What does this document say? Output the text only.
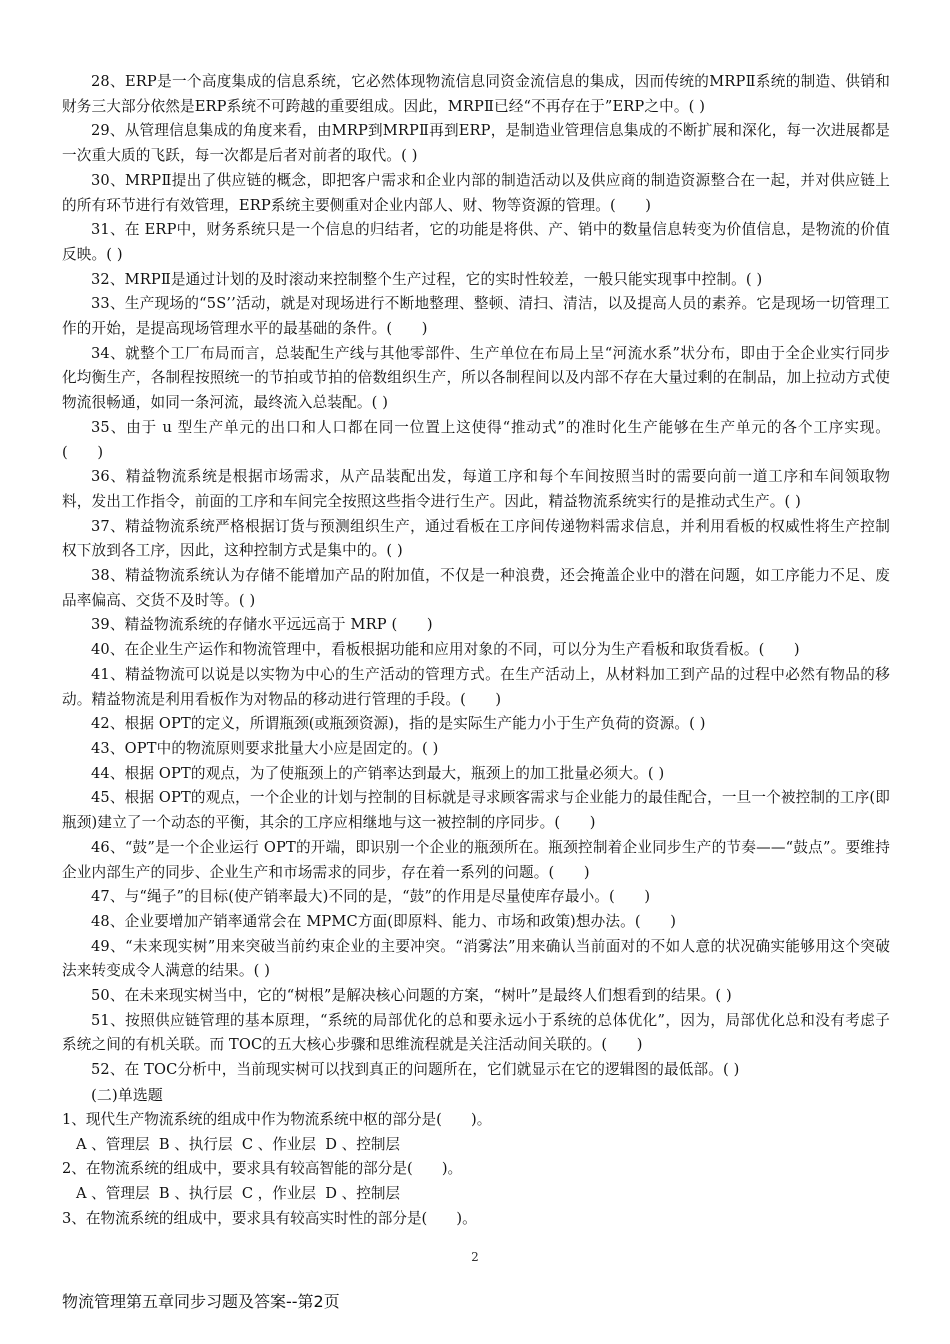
28、ERP是一个高度集成的信息系统，它必然体现物流信息同资金流信息的集成，因而传统的MRPⅡ系统的制造、供销和财务三大部分依然是ERP系统不可跨越的重要组成。因此，MRPⅡ已经“不再存在于”ERP之中。( )

29、从管理信息集成的角度来看，由MRP到MRPⅡ再到ERP，是制造业管理信息集成的不断扩展和深化，每一次进展都是一次重大质的飞跃，每一次都是后者对前者的取代。( )

30、MRPⅡ提出了供应链的概念，即把客户需求和企业内部的制造活动以及供应商的制造资源整合在一起，并对供应链上的所有环节进行有效管理，ERP系统主要侧重对企业内部人、财、物等资源的管理。(　　)

31、在 ERP中，财务系统只是一个信息的归结者，它的功能是将供、产、销中的数量信息转变为价值信息，是物流的价值反映。( )

32、MRPⅡ是通过计划的及时滚动来控制整个生产过程，它的实时性较差，一般只能实现事中控制。( )

33、生产现场的“5S’’活动，就是对现场进行不断地整理、整顿、清扫、清洁，以及提高人员的素养。它是现场一切管理工作的开始，是提高现场管理水平的最基础的条件。(　　)

34、就整个工厂布局而言，总装配生产线与其他零部件、生产单位在布局上呈“河流水系”状分布，即由于全企业实行同步化均衡生产，各制程按照统一的节拍或节拍的倍数组织生产，所以各制程间以及内部不存在大量过剩的在制品，加上拉动方式使物流很畅通，如同一条河流，最终流入总装配。( )

35、由于 u 型生产单元的出口和人口都在同一位置上这使得“推动式”的准时化生产能够在生产单元的各个工序实现。(　　)

36、精益物流系统是根据市场需求，从产品装配出发，每道工序和每个车间按照当时的需要向前一道工序和车间领取物料，发出工作指令，前面的工序和车间完全按照这些指令进行生产。因此，精益物流系统实行的是推动式生产。( )

37、精益物流系统严格根据订货与预测组织生产，通过看板在工序间传递物料需求信息，并利用看板的权威性将生产控制权下放到各工序，因此，这种控制方式是集中的。( )

38、精益物流系统认为存储不能增加产品的附加值，不仅是一种浪费，还会掩盖企业中的潜在问题，如工序能力不足、废品率偏高、交货不及时等。( )

39、精益物流系统的存储水平远远高于 MRP (　　)

40、在企业生产运作和物流管理中，看板根据功能和应用对象的不同，可以分为生产看板和取货看板。(　　)

41、精益物流可以说是以实物为中心的生产活动的管理方式。在生产活动上，从材料加工到产品的过程中必然有物品的移动。精益物流是利用看板作为对物品的移动进行管理的手段。(　　)

42、根据 OPT的定义，所谓瓶颈(或瓶颈资源)，指的是实际生产能力小于生产负荷的资源。( )

43、OPT中的物流原则要求批量大小应是固定的。( )

44、根据 OPT的观点，为了使瓶颈上的产销率达到最大，瓶颈上的加工批量必须大。( )

45、根据 OPT的观点，一个企业的计划与控制的目标就是寻求顾客需求与企业能力的最佳配合，一旦一个被控制的工序(即瓶颈)建立了一个动态的平衡，其余的工序应相继地与这一被控制的序同步。(　　)

46、“鼓”是一个企业运行 OPT的开端，即识别一个企业的瓶颈所在。瓶颈控制着企业同步生产的节奏——“鼓点”。要维持企业内部生产的同步、企业生产和市场需求的同步，存在着一系列的问题。(　　)

47、与“绳子”的目标(使产销率最大)不同的是，“鼓”的作用是尽量使库存最小。(　　)

48、企业要增加产销率通常会在 MPMC方面(即原料、能力、市场和政策)想办法。(　　)

49、“未来现实树”用来突破当前约束企业的主要冲突。“消雾法”用来确认当前面对的不如人意的状况确实能够用这个突破法来转变成令人满意的结果。( )

50、在未来现实树当中，它的“树根”是解决核心问题的方案，“树叶”是最终人们想看到的结果。( )

51、按照供应链管理的基本原理，“系统的局部优化的总和要永远小于系统的总体优化”，因为，局部优化总和没有考虑子系统之间的有机关联。而 TOC的五大核心步骤和思维流程就是关注活动间关联的。(　　)

52、在 TOC分析中，当前现实树可以找到真正的问题所在，它们就显示在它的逻辑图的最低部。( )

(二)单选题

1、现代生产物流系统的组成中作为物流系统中枢的部分是(　　)。

A 、管理层  B 、执行层  C 、作业层  D 、控制层

2、在物流系统的组成中，要求具有较高智能的部分是(　　)。

A 、管理层  B 、执行层  C ，作业层  D 、控制层

3、在物流系统的组成中，要求具有较高实时性的部分是(　　)。

2
物流管理第五章同步习题及答案--第2页
